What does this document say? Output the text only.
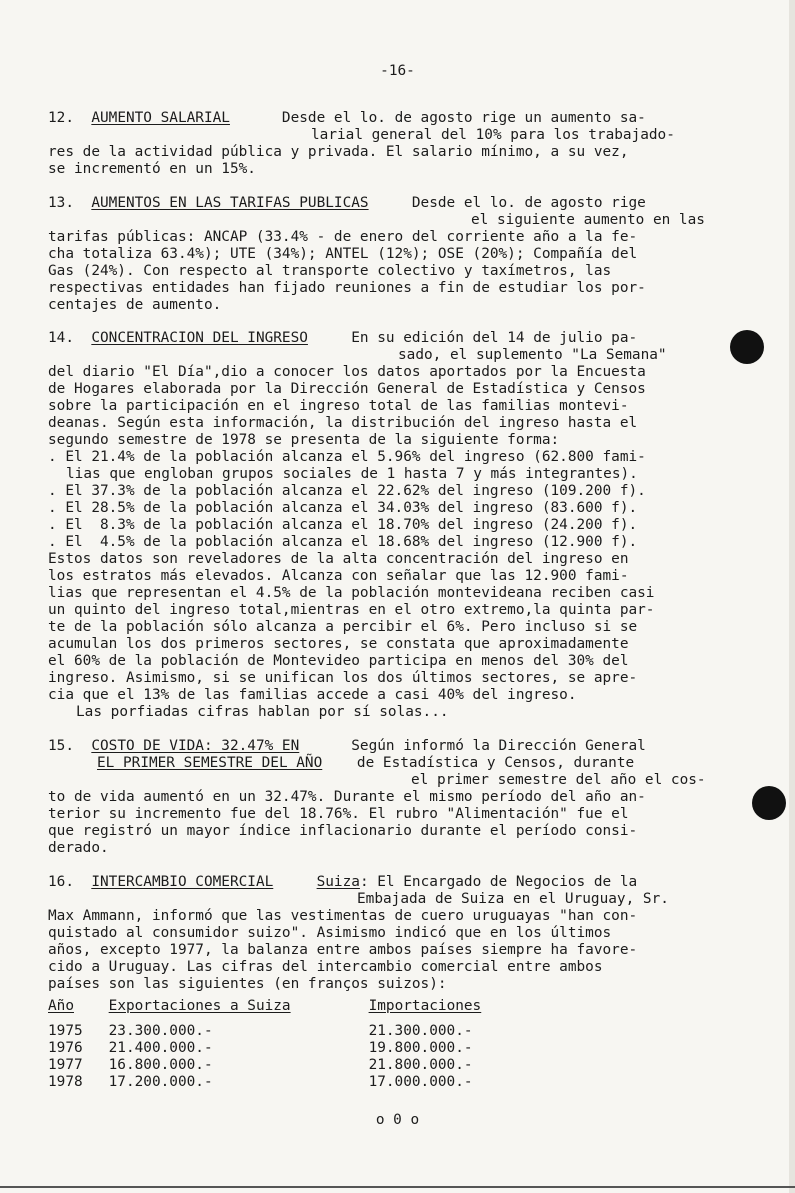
-16-
12.  AUMENTO SALARIAL      Desde el lo. de agosto rige un aumento sa-
larial general del 10% para los trabajado-
res de la actividad pública y privada. El salario mínimo, a su vez,
se incrementó en un 15%.
13.  AUMENTOS EN LAS TARIFAS PUBLICAS     Desde el lo. de agosto rige
el siguiente aumento en las
tarifas públicas: ANCAP (33.4% - de enero del corriente año a la fe-
cha totaliza 63.4%); UTE (34%); ANTEL (12%); OSE (20%); Compañía del
Gas (24%). Con respecto al transporte colectivo y taxímetros, las
respectivas entidades han fijado reuniones a fin de estudiar los por-
centajes de aumento.
14.  CONCENTRACION DEL INGRESO     En su edición del 14 de julio pa-
sado, el suplemento "La Semana"
del diario "El Día",dio a conocer los datos aportados por la Encuesta
de Hogares elaborada por la Dirección General de Estadística y Censos
sobre la participación en el ingreso total de las familias montevi-
deanas. Según esta información, la distribución del ingreso hasta el
segundo semestre de 1978 se presenta de la siguiente forma:
. El 21.4% de la población alcanza el 5.96% del ingreso (62.800 fami-
lias que engloban grupos sociales de 1 hasta 7 y más integrantes).
. El 37.3% de la población alcanza el 22.62% del ingreso (109.200 f).
. El 28.5% de la población alcanza el 34.03% del ingreso (83.600 f).
. El  8.3% de la población alcanza el 18.70% del ingreso (24.200 f).
. El  4.5% de la población alcanza el 18.68% del ingreso (12.900 f).
Estos datos son reveladores de la alta concentración del ingreso en
los estratos más elevados. Alcanza con señalar que las 12.900 fami-
lias que representan el 4.5% de la población montevideana reciben casi
un quinto del ingreso total,mientras en el otro extremo,la quinta par-
te de la población sólo alcanza a percibir el 6%. Pero incluso si se
acumulan los dos primeros sectores, se constata que aproximadamente
el 60% de la población de Montevideo participa en menos del 30% del
ingreso. Asimismo, si se unifican los dos últimos sectores, se apre-
cia que el 13% de las familias accede a casi 40% del ingreso.
Las porfiadas cifras hablan por sí solas...
15.  COSTO DE VIDA: 32.47% EN      Según informó la Dirección General
EL PRIMER SEMESTRE DEL AÑO    de Estadística y Censos, durante
el primer semestre del año el cos-
to de vida aumentó en un 32.47%. Durante el mismo período del año an-
terior su incremento fue del 18.76%. El rubro "Alimentación" fue el
que registró un mayor índice inflacionario durante el período consi-
derado.
16.  INTERCAMBIO COMERCIAL	Suiza: El Encargado de Negocios de la
Embajada de Suiza en el Uruguay, Sr.
Max Ammann, informó que las vestimentas de cuero uruguayas "han con-
quistado al consumidor suizo". Asimismo indicó que en los últimos
años, excepto 1977, la balanza entre ambos países siempre ha favore-
cido a Uruguay. Las cifras del intercambio comercial entre ambos
países son las siguientes (en franços suizos):
Año Exportaciones a Suiza	Importaciones
1975   23.300.000.-                  21.300.000.-
1976   21.400.000.-                  19.800.000.-
1977   16.800.000.-                  21.800.000.-
1978   17.200.000.-                  17.000.000.-
o 0 o
